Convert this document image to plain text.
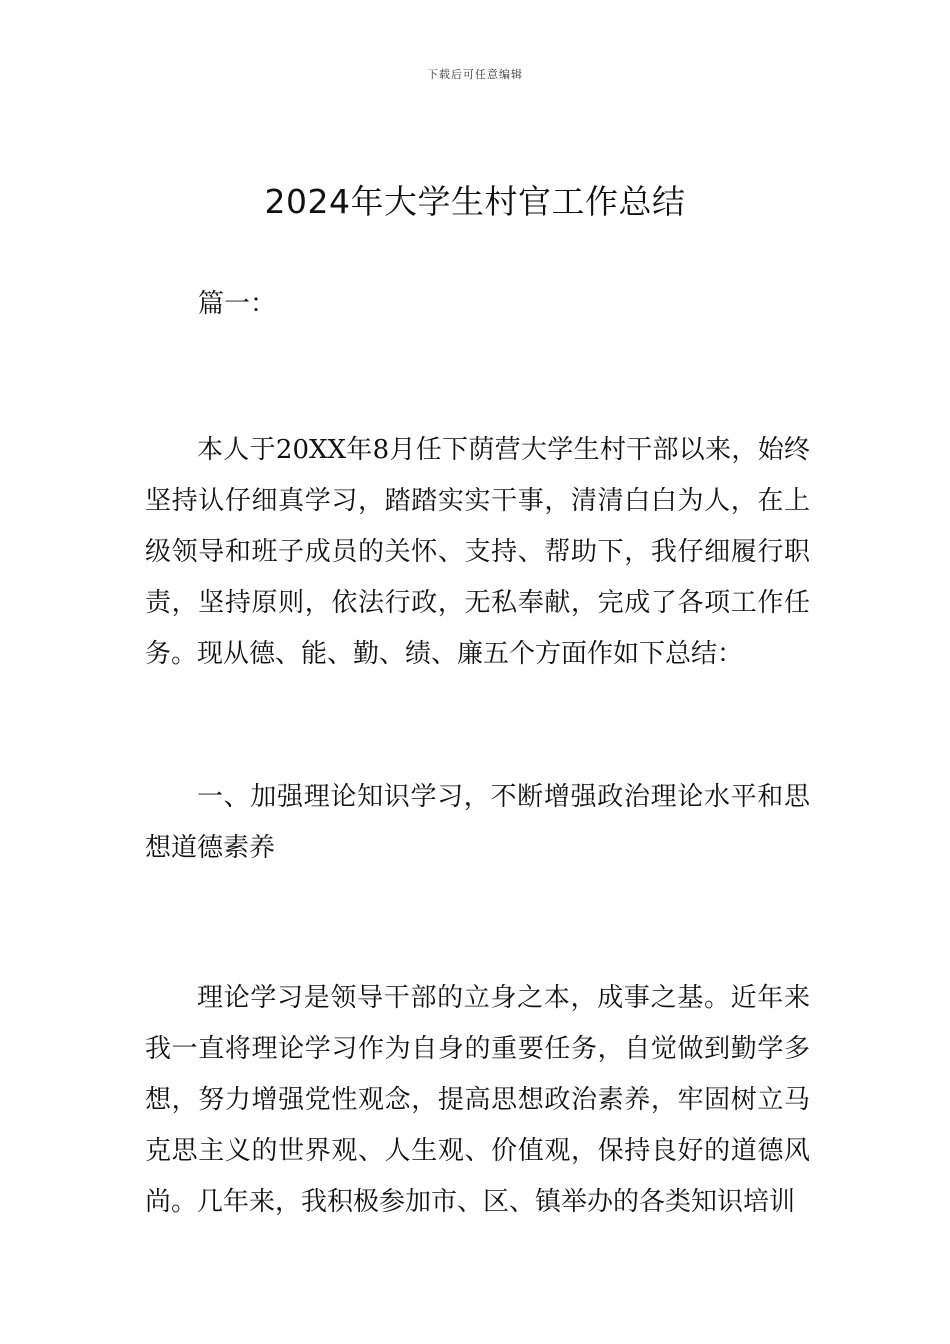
下载后可任意编辑
2024年大学生村官工作总结
篇一：

本人于20XX年8月任下荫营大学生村干部以来，始终坚持认仔细真学习，踏踏实实干事，清清白白为人，在上级领导和班子成员的关怀、支持、帮助下，我仔细履行职责，坚持原则，依法行政，无私奉献，完成了各项工作任务。现从德、能、勤、绩、廉五个方面作如下总结：

一、加强理论知识学习，不断增强政治理论水平和思想道德素养

理论学习是领导干部的立身之本，成事之基。近年来我一直将理论学习作为自身的重要任务，自觉做到勤学多想，努力增强党性观念，提高思想政治素养，牢固树立马克思主义的世界观、人生观、价值观，保持良好的道德风尚。几年来，我积极参加市、区、镇举办的各类知识培训
